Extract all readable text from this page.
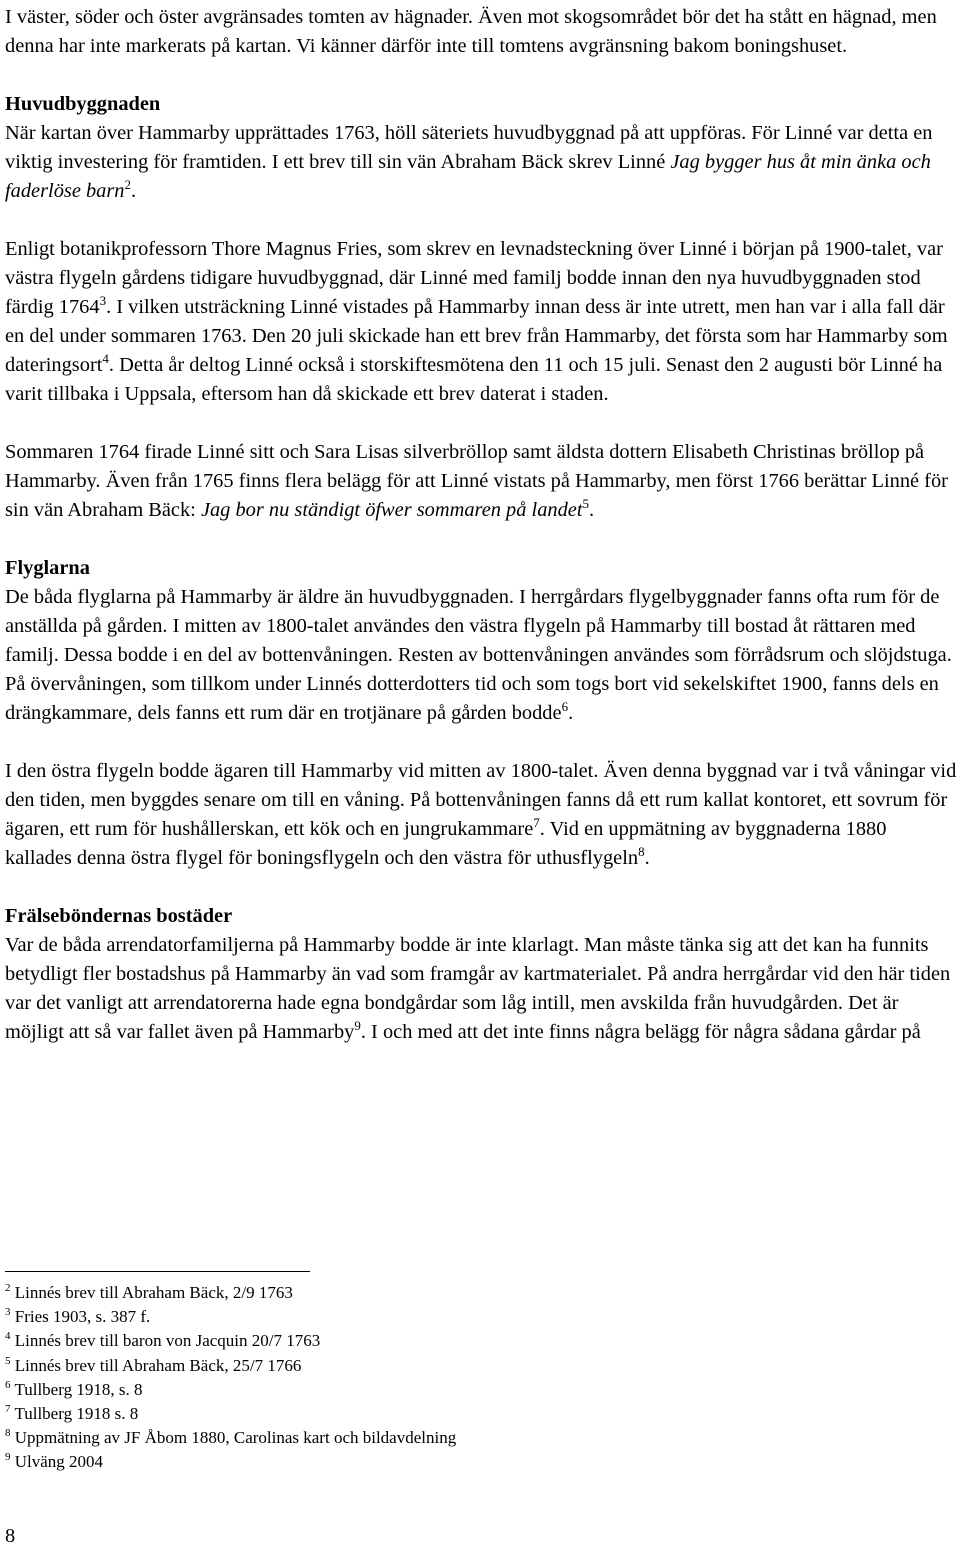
I väster, söder och öster avgränsades tomten av hägnader. Även mot skogsområdet bör det ha stått en hägnad, men denna har inte markerats på kartan. Vi känner därför inte till tomtens avgränsning bakom boningshuset.

Huvudbyggnaden

När kartan över Hammarby upprättades 1763, höll säteriets huvudbyggnad på att uppföras. För Linné var detta en viktig investering för framtiden. I ett brev till sin vän Abraham Bäck skrev Linné Jag bygger hus åt min änka och faderlöse barn$^2$.

Enligt botanikprofessorn Thore Magnus Fries, som skrev en levnadsteckning över Linné i början på 1900-talet, var västra flygeln gårdens tidigare huvudbyggnad, där Linné med familj bodde innan den nya huvudbyggnaden stod färdig 1764$^3$. I vilken utsträckning Linné vistades på Hammarby innan dess är inte utrett, men han var i alla fall där en del under sommaren 1763. Den 20 juli skickade han ett brev från Hammarby, det första som har Hammarby som dateringsort$^4$. Detta år deltog Linné också i storskiftesmötena den 11 och 15 juli. Senast den 2 augusti bör Linné ha varit tillbaka i Uppsala, eftersom han då skickade ett brev daterat i staden.

Sommaren 1764 firade Linné sitt och Sara Lisas silverbröllop samt äldsta dottern Elisabeth Christinas bröllop på Hammarby. Även från 1765 finns flera belägg för att Linné vistats på Hammarby, men först 1766 berättar Linné för sin vän Abraham Bäck: Jag bor nu ständigt öfwer sommaren på landet$^5$.

Flyglarna

De båda flyglarna på Hammarby är äldre än huvudbyggnaden. I herrgårdars flygelbyggnader fanns ofta rum för de anställda på gården. I mitten av 1800-talet användes den västra flygeln på Hammarby till bostad åt rättaren med familj. Dessa bodde i en del av bottenvåningen. Resten av bottenvåningen användes som förrådsrum och slöjdstuga. På övervåningen, som tillkom under Linnés dotterdotters tid och som togs bort vid sekelskiftet 1900, fanns dels en drängkammare, dels fanns ett rum där en trotjänare på gården bodde$^6$.

I den östra flygeln bodde ägaren till Hammarby vid mitten av 1800-talet. Även denna byggnad var i två våningar vid den tiden, men byggdes senare om till en våning. På bottenvåningen fanns då ett rum kallat kontoret, ett sovrum för ägaren, ett rum för hushållerskan, ett kök och en jungrukammare$^7$. Vid en uppmätning av byggnaderna 1880 kallades denna östra flygel för boningsflygeln och den västra för uthusflygeln$^8$.

Frälseböndernas bostäder

Var de båda arrendatorfamiljerna på Hammarby bodde är inte klarlagt. Man måste tänka sig att det kan ha funnits betydligt fler bostadshus på Hammarby än vad som framgår av kartmaterialet. På andra herrgårdar vid den här tiden var det vanligt att arrendatorerna hade egna bondgårdar som låg intill, men avskilda från huvudgården. Det är möjligt att så var fallet även på Hammarby$^9$. I och med att det inte finns några belägg för några sådana gårdar på

$^2$ Linnés brev till Abraham Bäck, 2/9 1763

$^3$ Fries 1903, s. 387 f.

$^4$ Linnés brev till baron von Jacquin 20/7 1763

$^5$ Linnés brev till Abraham Bäck, 25/7 1766

$^6$ Tullberg 1918, s. 8

$^7$ Tullberg 1918 s. 8

$^8$ Uppmätning av JF Åbom 1880, Carolinas kart och bildavdelning

$^9$ Ulväng 2004

8
